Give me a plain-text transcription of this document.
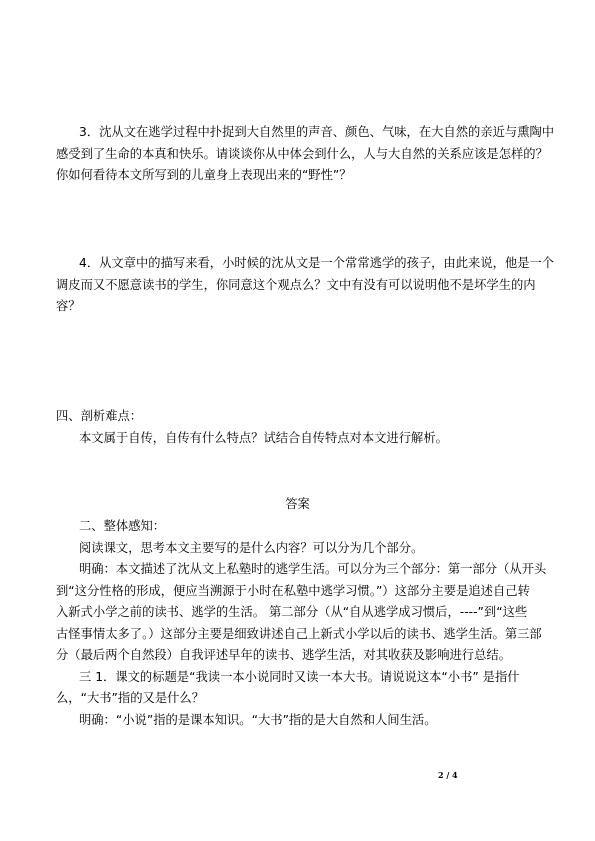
3．沈从文在逃学过程中扑捉到大自然里的声音、颜色、气味，在大自然的亲近与熏陶中
感受到了生命的本真和快乐。请谈谈你从中体会到什么，人与大自然的关系应该是怎样的？
你如何看待本文所写到的儿童身上表现出来的“野性”？
4．从文章中的描写来看，小时候的沈从文是一个常常逃学的孩子，由此来说，他是一个
调皮而又不愿意读书的学生，你同意这个观点么？文中有没有可以说明他不是坏学生的内
容？
四、剖析难点：
本文属于自传，自传有什么特点？试结合自传特点对本文进行解析。
答案
二、整体感知：
阅读课文，思考本文主要写的是什么内容？可以分为几个部分。
明确：本文描述了沈从文上私塾时的逃学生活。可以分为三个部分：第一部分（从开头
到“这分性格的形成，便应当溯源于小时在私塾中逃学习惯。”）这部分主要是追述自己转
入新式小学之前的读书、逃学的生活。 第二部分（从“自从逃学成习惯后，----”到“这些
古怪事情太多了。）这部分主要是细致讲述自己上新式小学以后的读书、逃学生活。第三部
分（最后两个自然段）自我评述早年的读书、逃学生活，对其收获及影响进行总结。
三 1．课文的标题是“我读一本小说同时又读一本大书。请说说这本“小书” 是指什
么，“大书”指的又是什么？
明确：“小说”指的是课本知识。“大书”指的是大自然和人间生活。
2 / 4
